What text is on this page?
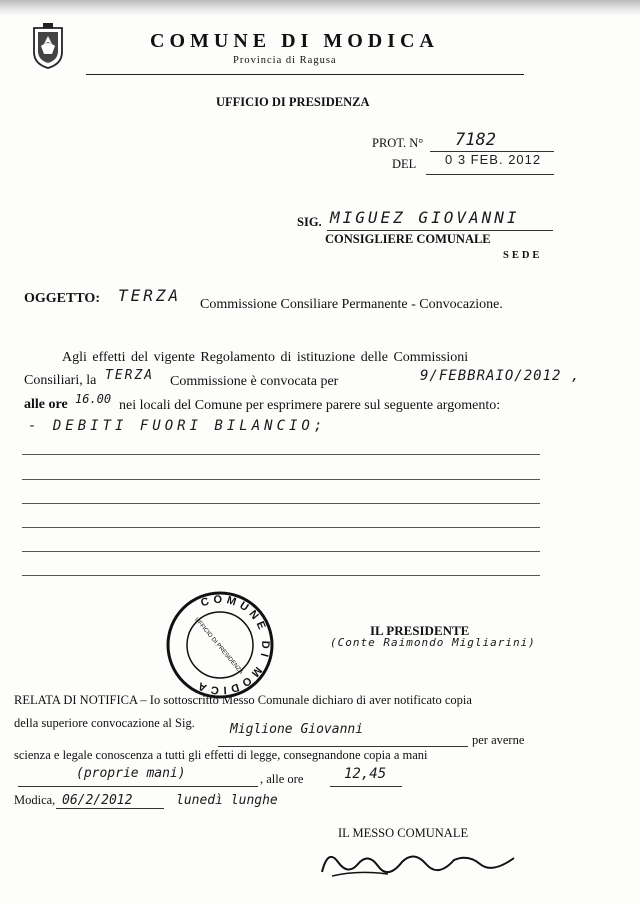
COMUNE DI MODICA
Provincia di Ragusa
UFFICIO DI PRESIDENZA
PROT. N° 7182
DEL 0 3 FEB. 2012
SIG. MIGUEZ GIOVANNI
CONSIGLIERE COMUNALE
SEDE
OGGETTO: TERZA Commissione Consiliare Permanente - Convocazione.
Agli effetti del vigente Regolamento di istituzione delle Commissioni
Consiliari, la TERZA Commissione è convocata per	9/FEBBRAIO/2012 ,
alle ore 16.00 nei locali del Comune per esprimere parere sul seguente argomento:
- DEBITI FUORI BILANCIO;
COMUNE DI MODICA
UFFICIO DI PRESIDENZA	IL PRESIDENTE
(Conte Raimondo Migliarini)
RELATA DI NOTIFICA – Io sottoscritto Messo Comunale dichiaro di aver notificato copia
della superiore convocazione al Sig.	Miglione Giovanni
per averne
scienza e legale conoscenza a tutti gli effetti di legge, consegnandone copia a mani
(proprie mani)	, alle ore	12,45
Modica, 06/2/2012	lunedì lunghe
IL MESSO COMUNALE
